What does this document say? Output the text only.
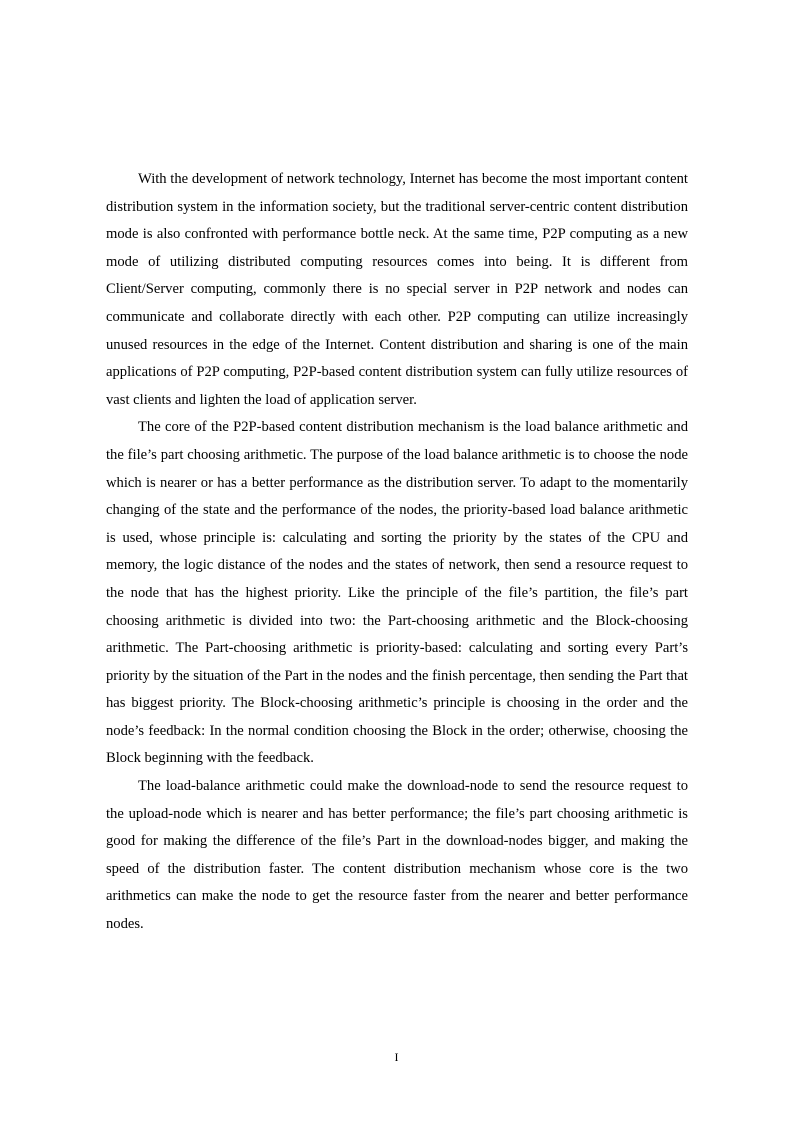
With the development of network technology, Internet has become the most important content distribution system in the information society, but the traditional server-centric content distribution mode is also confronted with performance bottle neck. At the same time, P2P computing as a new mode of utilizing distributed computing resources comes into being. It is different from Client/Server computing, commonly there is no special server in P2P network and nodes can communicate and collaborate directly with each other. P2P computing can utilize increasingly unused resources in the edge of the Internet. Content distribution and sharing is one of the main applications of P2P computing, P2P-based content distribution system can fully utilize resources of vast clients and lighten the load of application server.

The core of the P2P-based content distribution mechanism is the load balance arithmetic and the file’s part choosing arithmetic. The purpose of the load balance arithmetic is to choose the node which is nearer or has a better performance as the distribution server. To adapt to the momentarily changing of the state and the performance of the nodes, the priority-based load balance arithmetic is used, whose principle is: calculating and sorting the priority by the states of the CPU and memory, the logic distance of the nodes and the states of network, then send a resource request to the node that has the highest priority. Like the principle of the file’s partition, the file’s part choosing arithmetic is divided into two: the Part-choosing arithmetic and the Block-choosing arithmetic. The Part-choosing arithmetic is priority-based: calculating and sorting every Part’s priority by the situation of the Part in the nodes and the finish percentage, then sending the Part that has biggest priority. The Block-choosing arithmetic’s principle is choosing in the order and the node’s feedback: In the normal condition choosing the Block in the order; otherwise, choosing the Block beginning with the feedback.

The load-balance arithmetic could make the download-node to send the resource request to the upload-node which is nearer and has better performance; the file’s part choosing arithmetic is good for making the difference of the file’s Part in the download-nodes bigger, and making the speed of the distribution faster. The content distribution mechanism whose core is the two arithmetics can make the node to get the resource faster from the nearer and better performance nodes.

I
